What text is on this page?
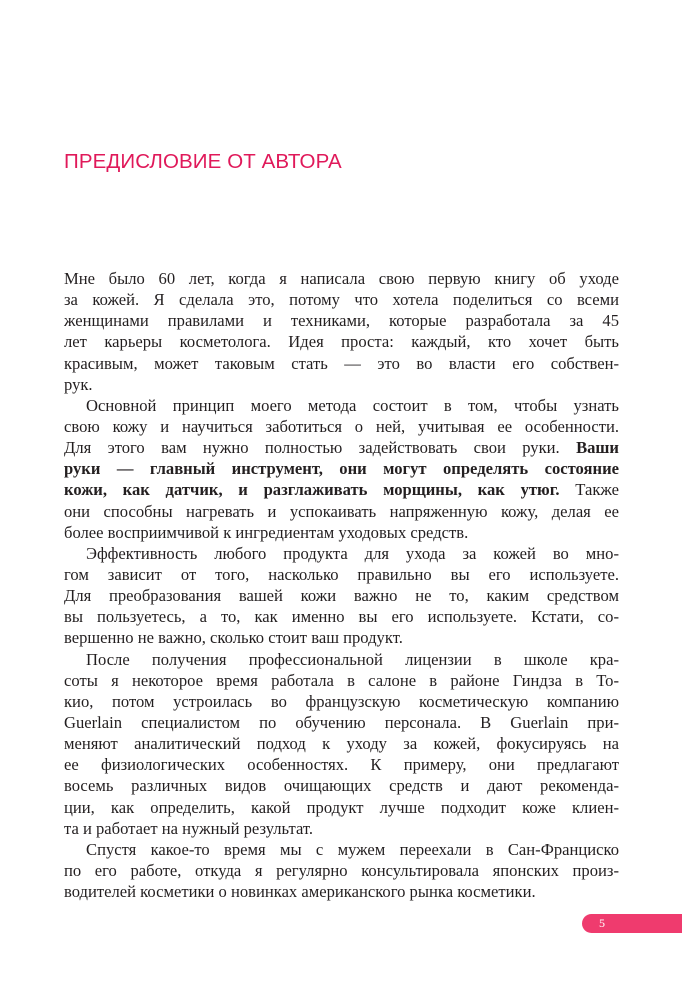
ПРЕДИСЛОВИЕ ОТ АВТОРА
Мне было 60 лет, когда я написала свою первую книгу об уходе
за кожей. Я сделала это, потому что хотела поделиться со всеми
женщинами правилами и техниками, которые разработала за 45
лет карьеры косметолога. Идея проста: каждый, кто хочет быть
красивым, может таковым стать — это во власти его собствен-
рук.
Основной принцип моего метода состоит в том, чтобы узнать
свою кожу и научиться заботиться о ней, учитывая ее особенности.
Для этого вам нужно полностью задействовать свои руки. Ваши
руки — главный инструмент, они могут определять состояние
кожи, как датчик, и разглаживать морщины, как утюг. Также
они способны нагревать и успокаивать напряженную кожу, делая ее
более восприимчивой к ингредиентам уходовых средств.
Эффективность любого продукта для ухода за кожей во мно-
гом зависит от того, насколько правильно вы его используете.
Для преобразования вашей кожи важно не то, каким средством
вы пользуетесь, а то, как именно вы его используете. Кстати, со-
вершенно не важно, сколько стоит ваш продукт.
После получения профессиональной лицензии в школе кра-
соты я некоторое время работала в салоне в районе Гиндза в То-
кио, потом устроилась во французскую косметическую компанию
Guerlain специалистом по обучению персонала. В Guerlain при-
меняют аналитический подход к уходу за кожей, фокусируясь на
ее физиологических особенностях. К примеру, они предлагают
восемь различных видов очищающих средств и дают рекоменда-
ции, как определить, какой продукт лучше подходит коже клиен-
та и работает на нужный результат.
Спустя какое-то время мы с мужем переехали в Сан-Франциско
по его работе, откуда я регулярно консультировала японских произ-
водителей косметики о новинках американского рынка косметики.
5
